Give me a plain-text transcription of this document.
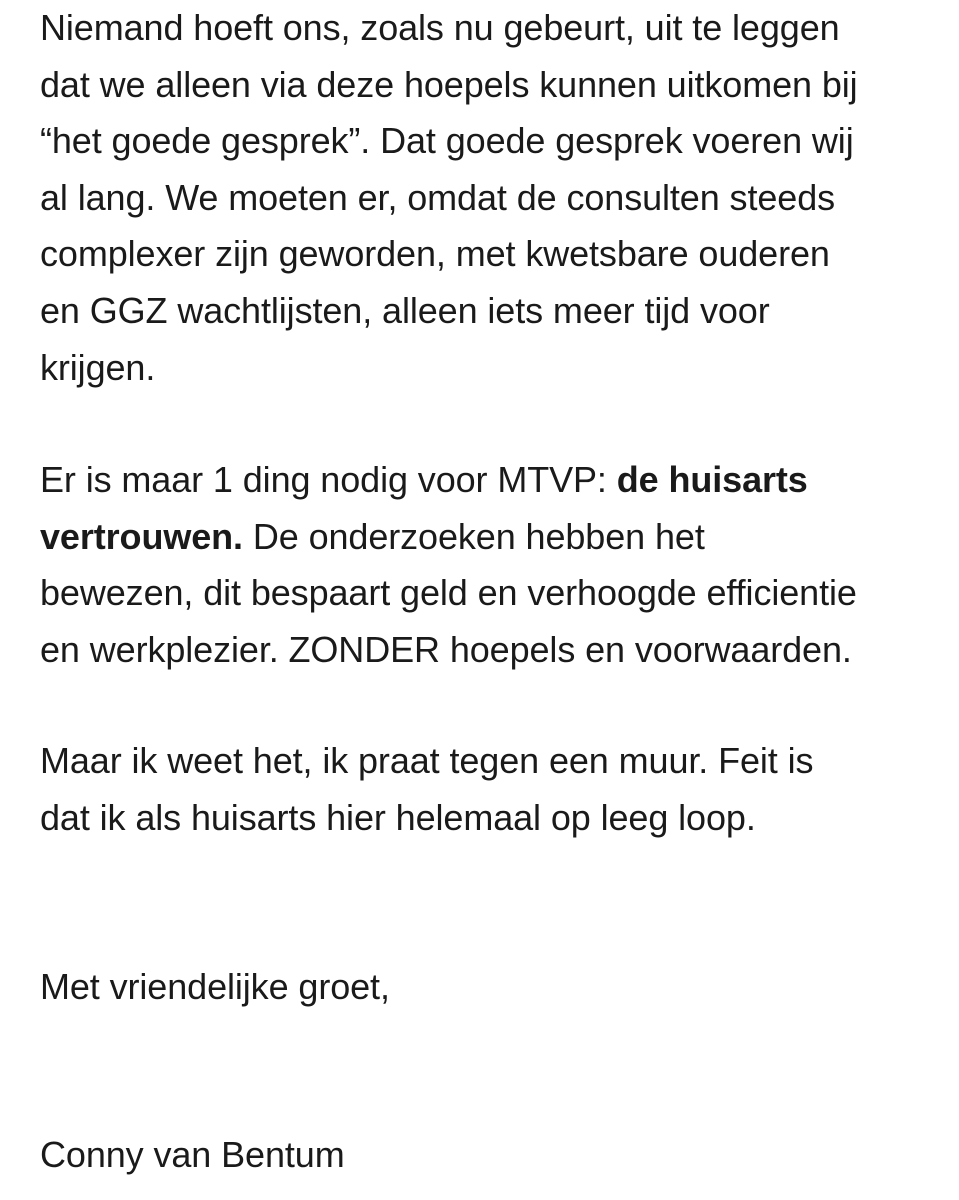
Niemand hoeft ons, zoals nu gebeurt, uit te leggen
dat we alleen via deze hoepels kunnen uitkomen bij
“het goede gesprek”. Dat goede gesprek voeren wij
al lang. We moeten er, omdat de consulten steeds
complexer zijn geworden, met kwetsbare ouderen
en GGZ wachtlijsten, alleen iets meer tijd voor
krijgen.

Er is maar 1 ding nodig voor MTVP: de huisarts
vertrouwen. De onderzoeken hebben het
bewezen, dit bespaart geld en verhoogde efficientie
en werkplezier. ZONDER hoepels en voorwaarden.

Maar ik weet het, ik praat tegen een muur. Feit is
dat ik als huisarts hier helemaal op leeg loop.

Met vriendelijke groet,

Conny van Bentum
